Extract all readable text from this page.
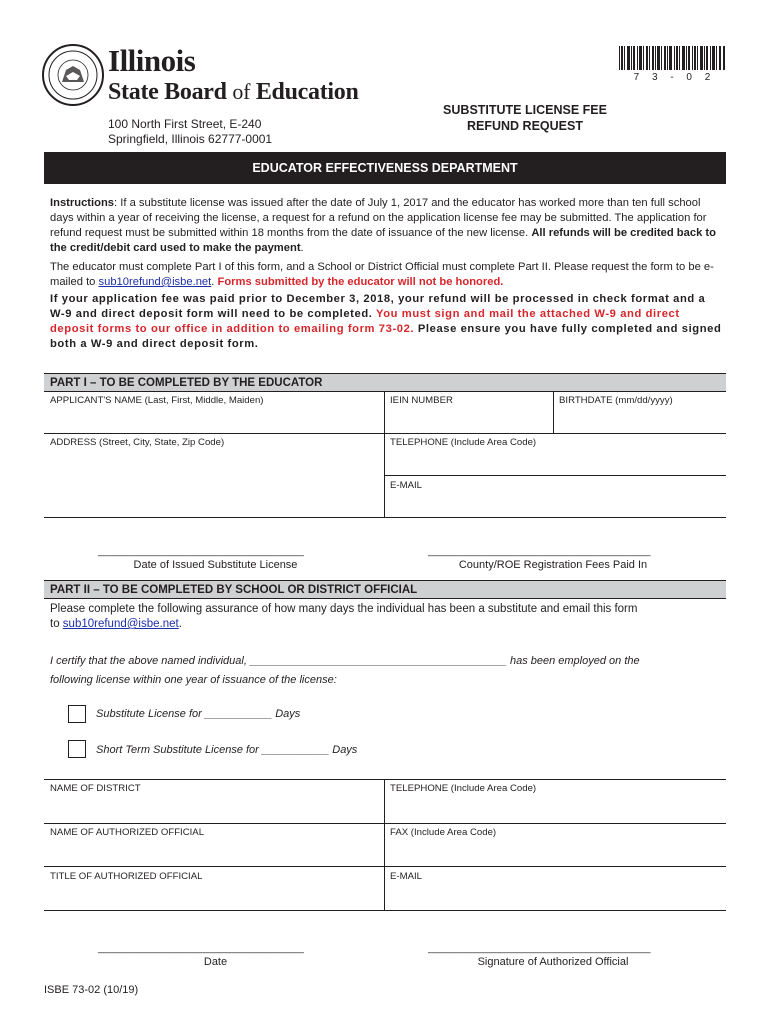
Illinois
State Board of Education
100 North First Street, E-240
Springfield, Illinois 62777-0001
7 3 - 0 2
SUBSTITUTE LICENSE FEE
REFUND REQUEST
EDUCATOR EFFECTIVENESS DEPARTMENT
Instructions: If a substitute license was issued after the date of July 1, 2017 and the educator has worked more than ten full school days within a year of receiving the license, a request for a refund on the application license fee may be submitted. The application for refund request must be submitted within 18 months from the date of issuance of the new license. All refunds will be credited back to the credit/debit card used to make the payment.
The educator must complete Part I of this form, and a School or District Official must complete Part II. Please request the form to be e-mailed to sub10refund@isbe.net. Forms submitted by the educator will not be honored.
If your application fee was paid prior to December 3, 2018, your refund will be processed in check format and a W-9 and direct deposit form will need to be completed. You must sign and mail the attached W-9 and direct deposit forms to our office in addition to emailing form 73-02. Please ensure you have fully completed and signed both a W-9 and direct deposit form.
PART I – TO BE COMPLETED BY THE EDUCATOR
APPLICANT'S NAME (Last, First, Middle, Maiden)	IEIN NUMBER	BIRTHDATE (mm/dd/yyyy)
ADDRESS (Street, City, State, Zip Code)	TELEPHONE (Include Area Code)
E-MAIL
_____________________________________
Date of Issued Substitute License
________________________________________
County/ROE Registration Fees Paid In
PART II – TO BE COMPLETED BY SCHOOL OR DISTRICT OFFICIAL
Please complete the following assurance of how many days the individual has been a substitute and email this form to sub10refund@isbe.net.
I certify that the above named individual, __________________________________________ has been employed on the
following license within one year of issuance of the license:
Substitute License for ___________ Days
Short Term Substitute License for ___________ Days
NAME OF DISTRICT	TELEPHONE (Include Area Code)
NAME OF AUTHORIZED OFFICIAL	FAX (Include Area Code)
TITLE OF AUTHORIZED OFFICIAL	E-MAIL
_____________________________________
Date
________________________________________
Signature of Authorized Official
ISBE 73-02 (10/19)
